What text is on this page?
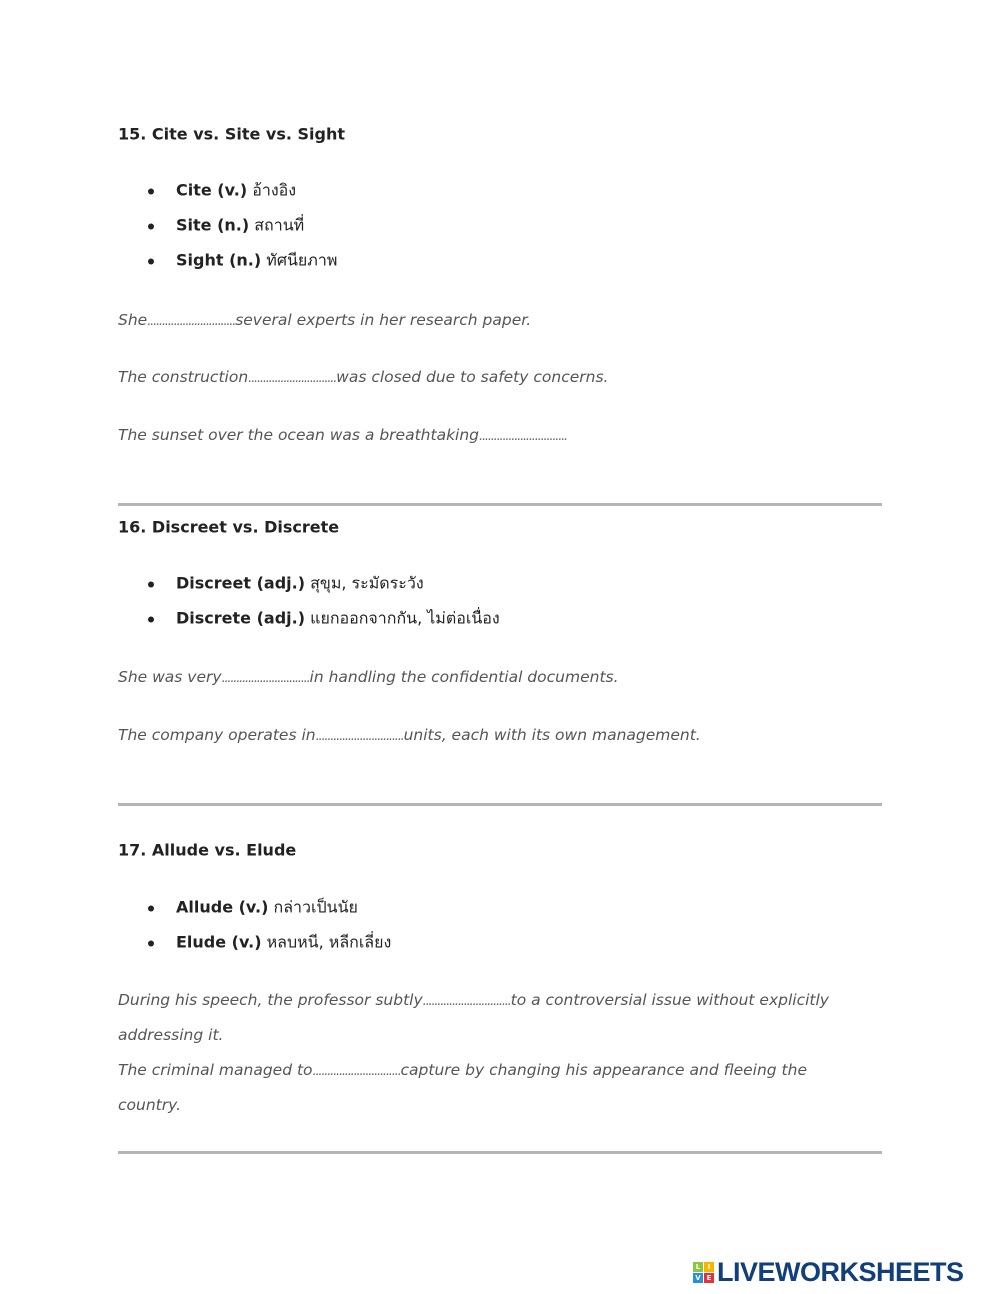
15. Cite vs. Site vs. Sight
Cite (v.) อ้างอิง
Site (n.) สถานที่
Sight (n.) ทัศนียภาพ
She..............................several experts in her research paper.
The construction..............................was closed due to safety concerns.
The sunset over the ocean was a breathtaking..............................
16. Discreet vs. Discrete
Discreet (adj.) สุขุม, ระมัดระวัง
Discrete (adj.) แยกออกจากกัน, ไม่ต่อเนื่อง
She was very..............................in handling the confidential documents.
The company operates in..............................units, each with its own management.
17. Allude vs. Elude
Allude (v.) กล่าวเป็นนัย
Elude (v.) หลบหนี, หลีกเลี่ยง
During his speech, the professor subtly..............................to a controversial issue without explicitly
addressing it.
The criminal managed to..............................capture by changing his appearance and fleeing the
country.
L	I
V E LIVEWORKSHEETS
